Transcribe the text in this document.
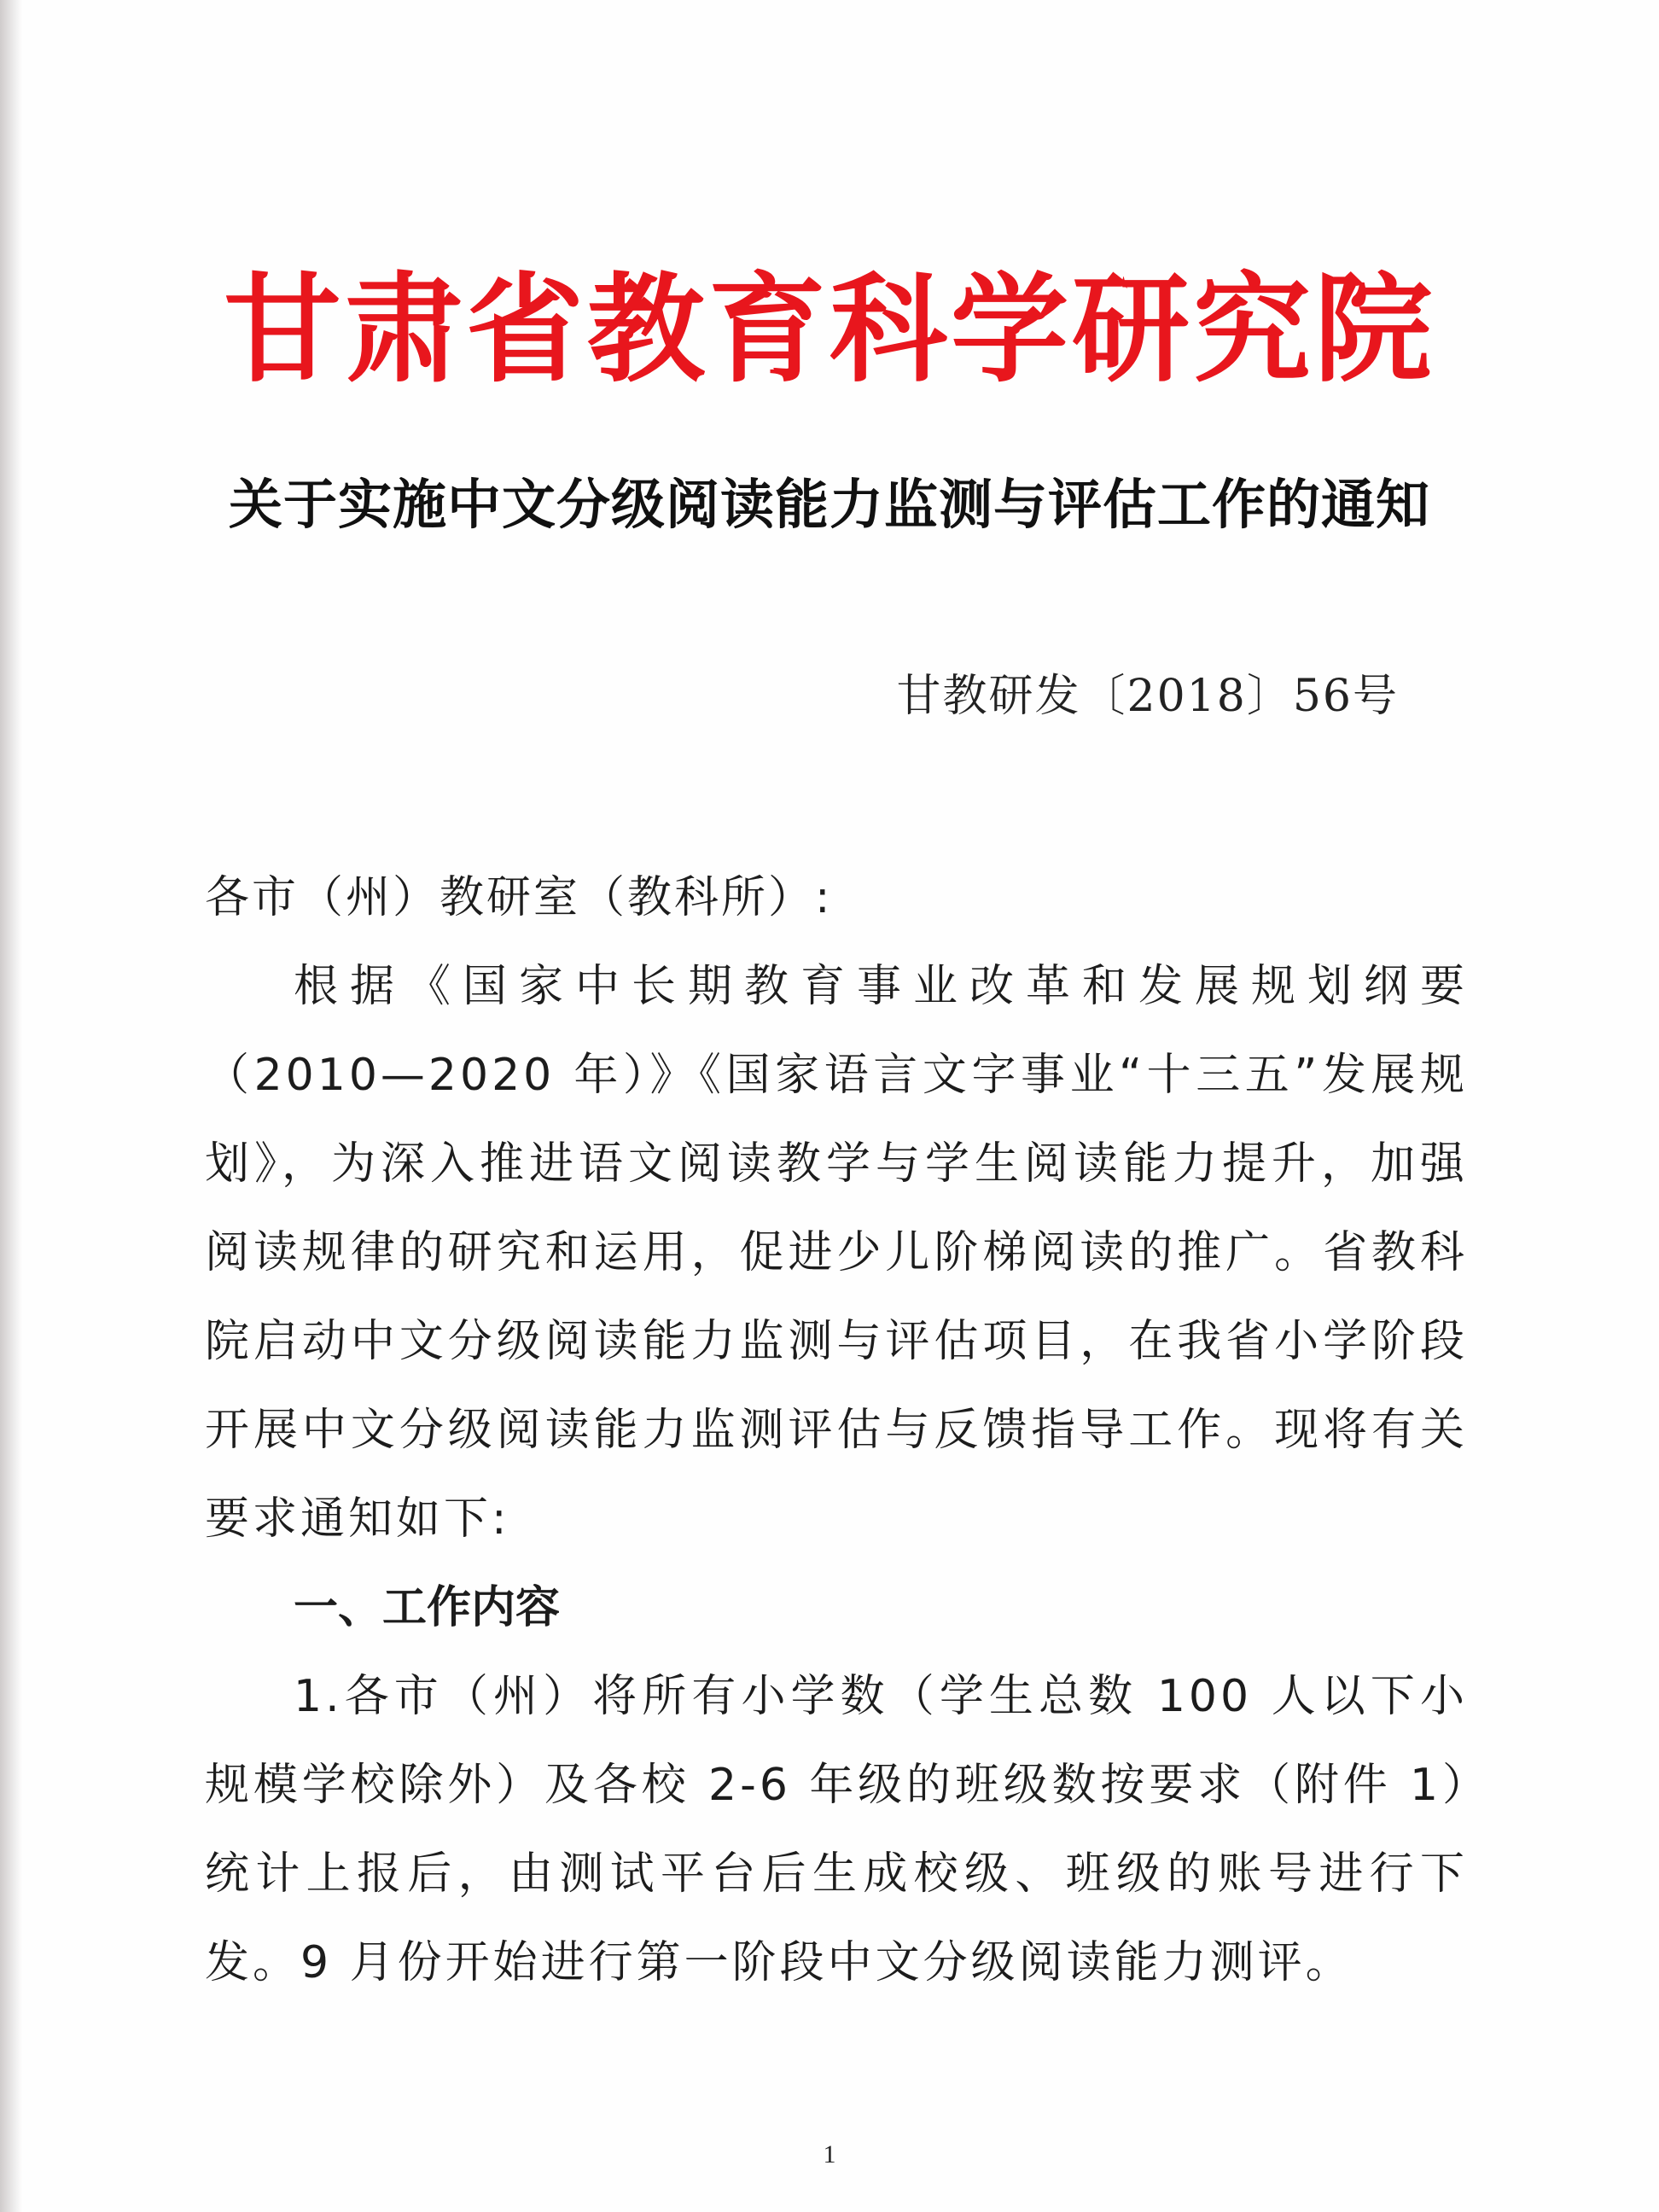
甘肃省教育科学研究院
关于实施中文分级阅读能力监测与评估工作的通知
甘教研发〔2018〕56号

各市（州）教研室（教科所）:

根据《国家中长期教育事业改革和发展规划纲要（2010—2020 年）》《国家语言文字事业“十三五”发展规划》，为深入推进语文阅读教学与学生阅读能力提升，加强阅读规律的研究和运用，促进少儿阶梯阅读的推广。省教科院启动中文分级阅读能力监测与评估项目，在我省小学阶段开展中文分级阅读能力监测评估与反馈指导工作。现将有关要求通知如下:

一、工作内容

1.各市（州）将所有小学数（学生总数 100 人以下小规模学校除外）及各校 2-6 年级的班级数按要求（附件 1）统计上报后，由测试平台后生成校级、班级的账号进行下发。9 月份开始进行第一阶段中文分级阅读能力测评。

1
